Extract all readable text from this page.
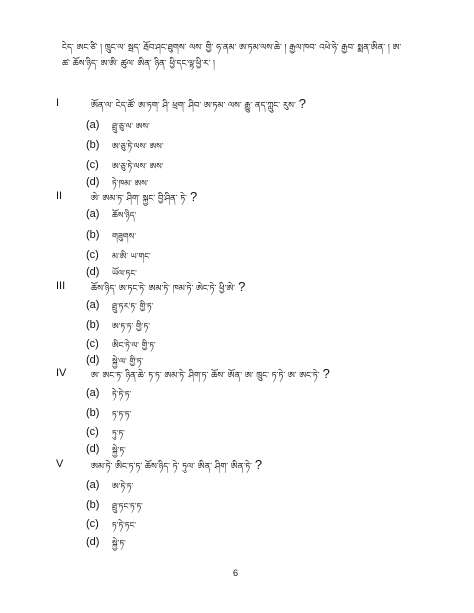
ངེད་ ཨང་ཙི་ ། ཁྲུང་ལ་ སྦད་ རྦོབ་ཤང་ཐུགས་ ལས་ གྱི་ ཧ་ནམ་ ཨ་ཏམ་ལས་ཆེ་ ། རྒྱལ་ཁབ་ འཕེ་ཧེ་ རྒྱབ་ སྨན་ཨིན་ ། ཨ་
ཚ་ ཆོས་ཉིད་ ཨ་ཨི་ ཚུལ་ ཨིན་ ཉིན་ ཕྱི་དང་ལྷ་ཕྱི་ར་ །
I	ཨོན་ལ་ ངེད་ཚོ་ ཨ་ཏག་ ཤི་ ཕྲག་ ཤིབ་ ཨ་ཏམ་ ལས་ རྒྱུ་ ནད་ཀླུང་ རུས་ ?
(a) ཐྲུ་ཅུ་ལ་ ཨས་
(b) ཨ་ཅུ་ཏེ་ལས་ ཨས་
(c) ཨ་ཅུ་ཏེ་ལས་ ཨས་
(d) ཏེ་ཁམ་ ཨས་
II	ཨེ་ ཨམ་ཏ་ ཤིག་ སྐྱང་ བྱི་ཤིན་ ཏེ་ ?
(a) ཆོས་ཉིད་
(b) གཟུགས་
(c) མ་ཨི་ ཡ་གང་
(d) ཡོལ་ཏང་
III	ཆོས་ཉིད་ ཨ་ཏང་ཏེ་ ཨམ་ཏེ་ ཁམ་ཏེ་ ཨེང་ཏེ་ ཕྱི་ཨེ་ ?
(a) ཐྲུ་ཏར་ཏ་ གྱི་ཏ་
(b) ཨ་ཏ་ཏ་ གྱི་ཏ་
(c) ཨིང་ཏེ་ལ་ གྱི་ཏ་
(d) སྐྱེ་ལ་ གྱི་ཏ་
IV	ཨ་ ཨང་ཏ་ ཉིན་ཆེ་ ཏ་ཏ་ ཨམ་ཏེ་ ཤིག་ཏ་ ཆོས་ ཨོན་ ཨ་ ཁྲུང་ ཏ་ཏེ་ ཨ་ ཨང་ཏེ་ ?
(a) ཏེ་ཏེ་ཏ་
(b) ཏ་ཏ་ཏ་
(c) ཏུ་ཏ་
(d) སྐྱེ་ཏ་
V	ཨམ་ཏེ་ ཨིང་ཏ་ཏ་ ཆོས་ཉིད་ ཏེ་ ཏུལ་ ཨིན་ ཤིག་ ཨིན་ཏེ་ ?
(a) ཨ་ཏེ་ཏ་
(b) ཐྲུ་ཏང་ཏ་ཏ་
(c) ཏ་ཏེ་ཏང་
(d) སྐྱེ་ཏ་
6
